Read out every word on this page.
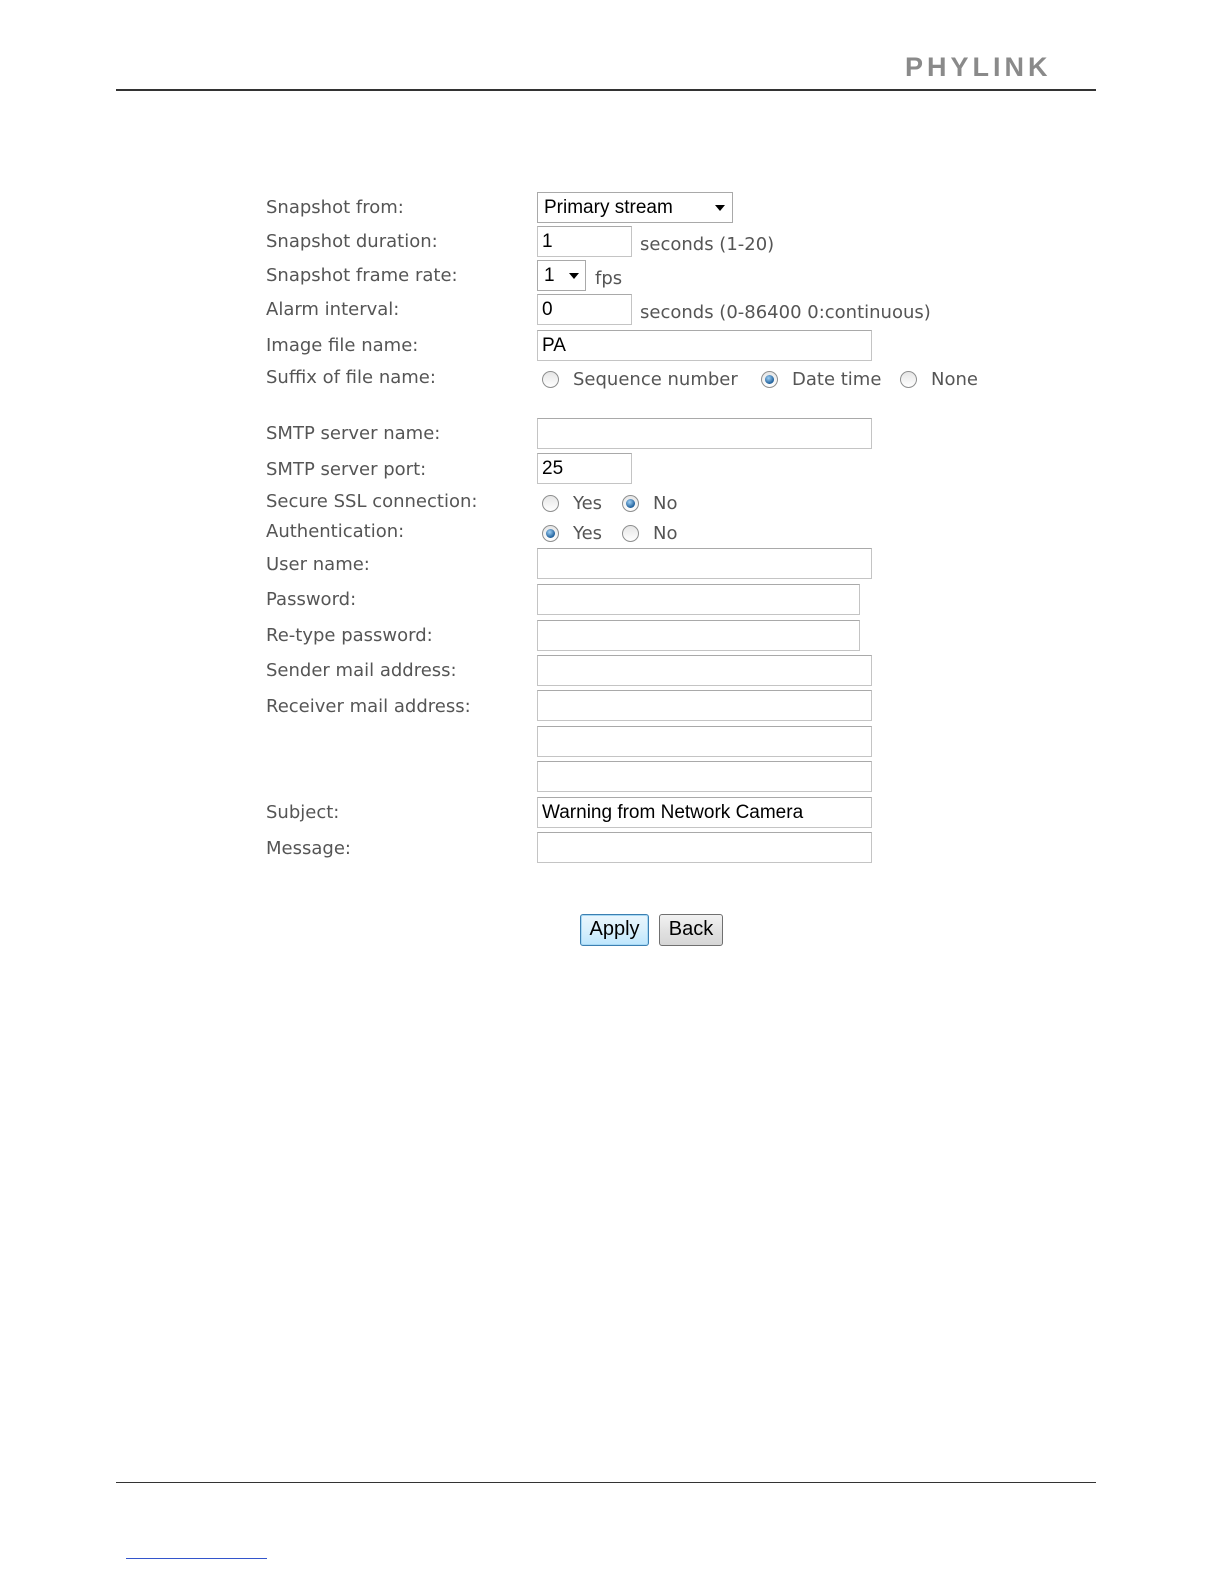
PHYLINK
Snapshot from:	Primary stream
Snapshot duration:	1	seconds (1-20)
Snapshot frame rate:	1	fps
Alarm interval:	0	seconds (0-86400 0:continuous)
Image file name:	PA
Suffix of file name:	Sequence number	Date time	None
SMTP server name:
SMTP server port:	25
Secure SSL connection:	Yes	No
Authentication:	Yes	No
User name:
Password:
Re-type password:
Sender mail address:
Receiver mail address:
Subject:	Warning from Network Camera
Message:
Apply	Back
